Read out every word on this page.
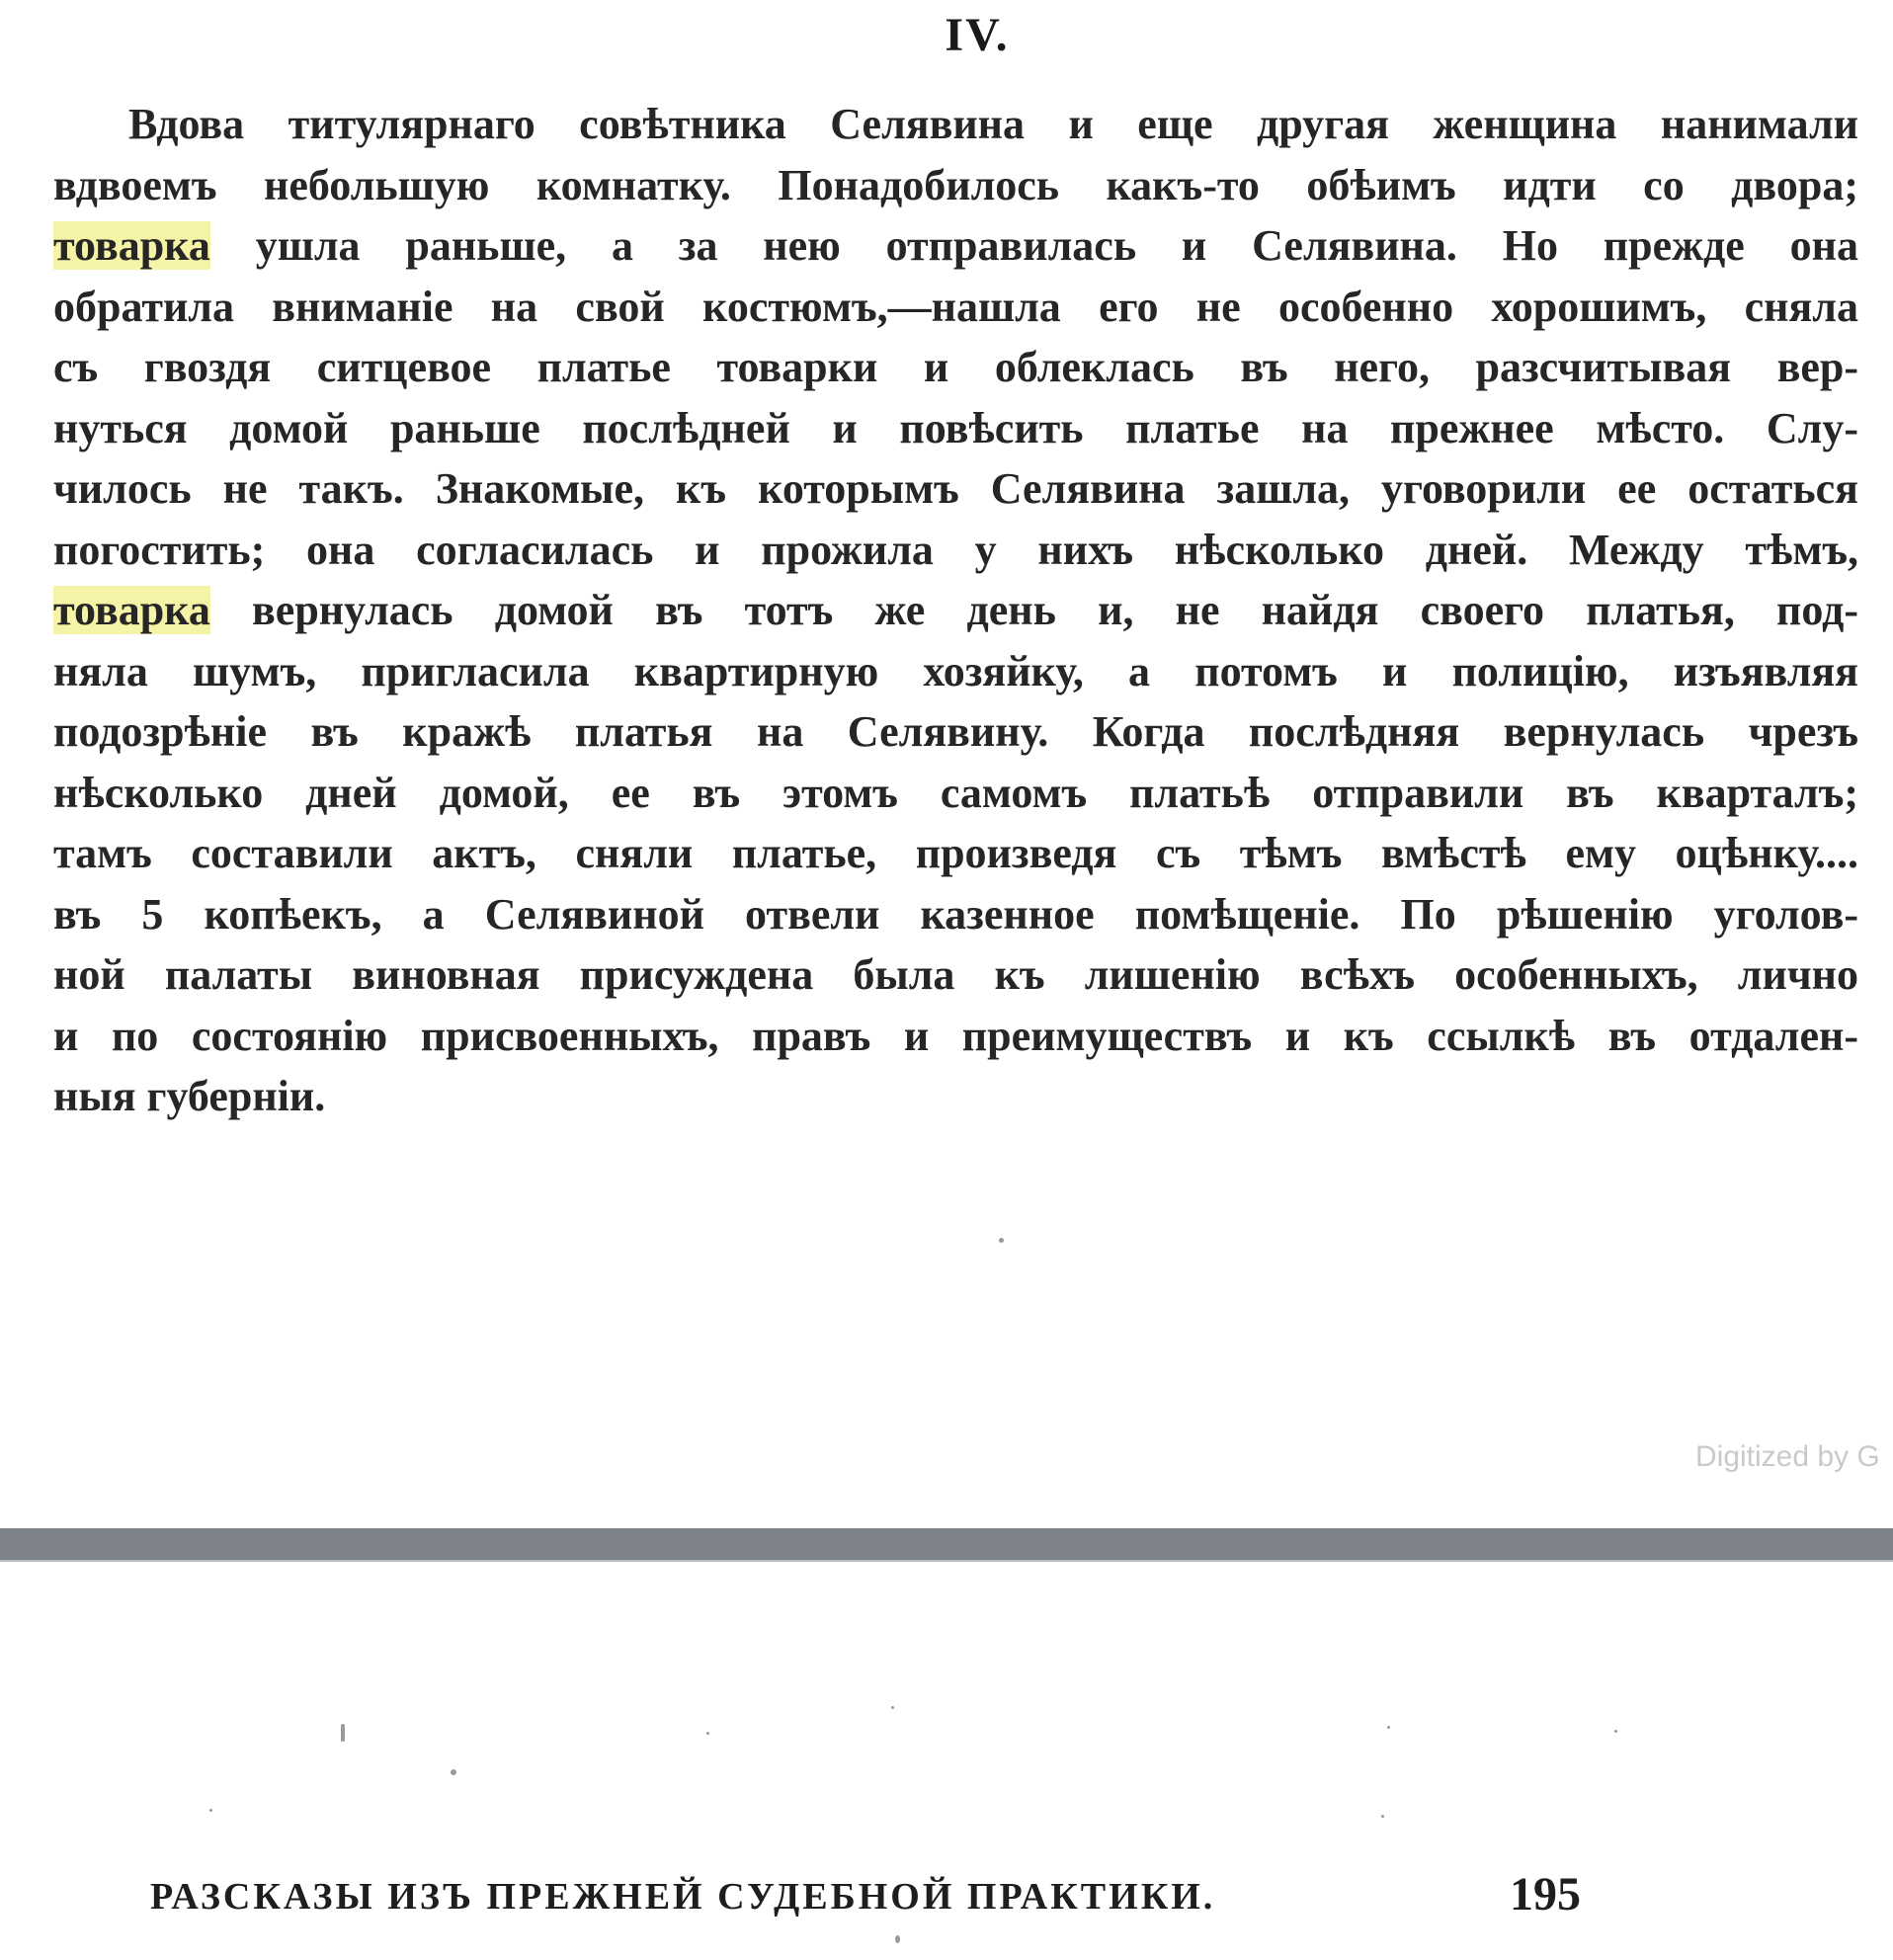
IV.
Вдова титулярнаго совѣтника Селявина и еще другая женщина нанимали
вдвоемъ небольшую комнатку. Понадобилось какъ-то обѣимъ идти со двора;
товарка ушла раньше, а за нею отправилась и Селявина. Но прежде она
обратила вниманіе на свой костюмъ,—нашла его не особенно хорошимъ, сняла
съ гвоздя ситцевое платье товарки и облеклась въ него, разсчитывая вер-
нуться домой раньше послѣдней и повѣсить платье на прежнее мѣсто. Слу-
чилось не такъ. Знакомые, къ которымъ Селявина зашла, уговорили ее остаться
погостить; она согласилась и прожила у нихъ нѣсколько дней. Между тѣмъ,
товарка вернулась домой въ тотъ же день и, не найдя своего платья, под-
няла шумъ, пригласила квартирную хозяйку, а потомъ и полицію, изъявляя
подозрѣніе въ кражѣ платья на Селявину. Когда послѣдняя вернулась чрезъ
нѣсколько дней домой, ее въ этомъ самомъ платьѣ отправили въ кварталъ;
тамъ составили актъ, сняли платье, произведя съ тѣмъ вмѣстѣ ему оцѣнку....
въ 5 копѣекъ, а Селявиной отвели казенное помѣщеніе. По рѣшенію уголов-
ной палаты виновная присуждена была къ лишенію всѣхъ особенныхъ, лично
и по состоянію присвоенныхъ, правъ и преимуществъ и къ ссылкѣ въ отдален-
ныя губерніи.
Digitized by G
РАЗСКАЗЫ ИЗЪ ПРЕЖНЕЙ СУДЕБНОЙ ПРАКТИКИ.	195
